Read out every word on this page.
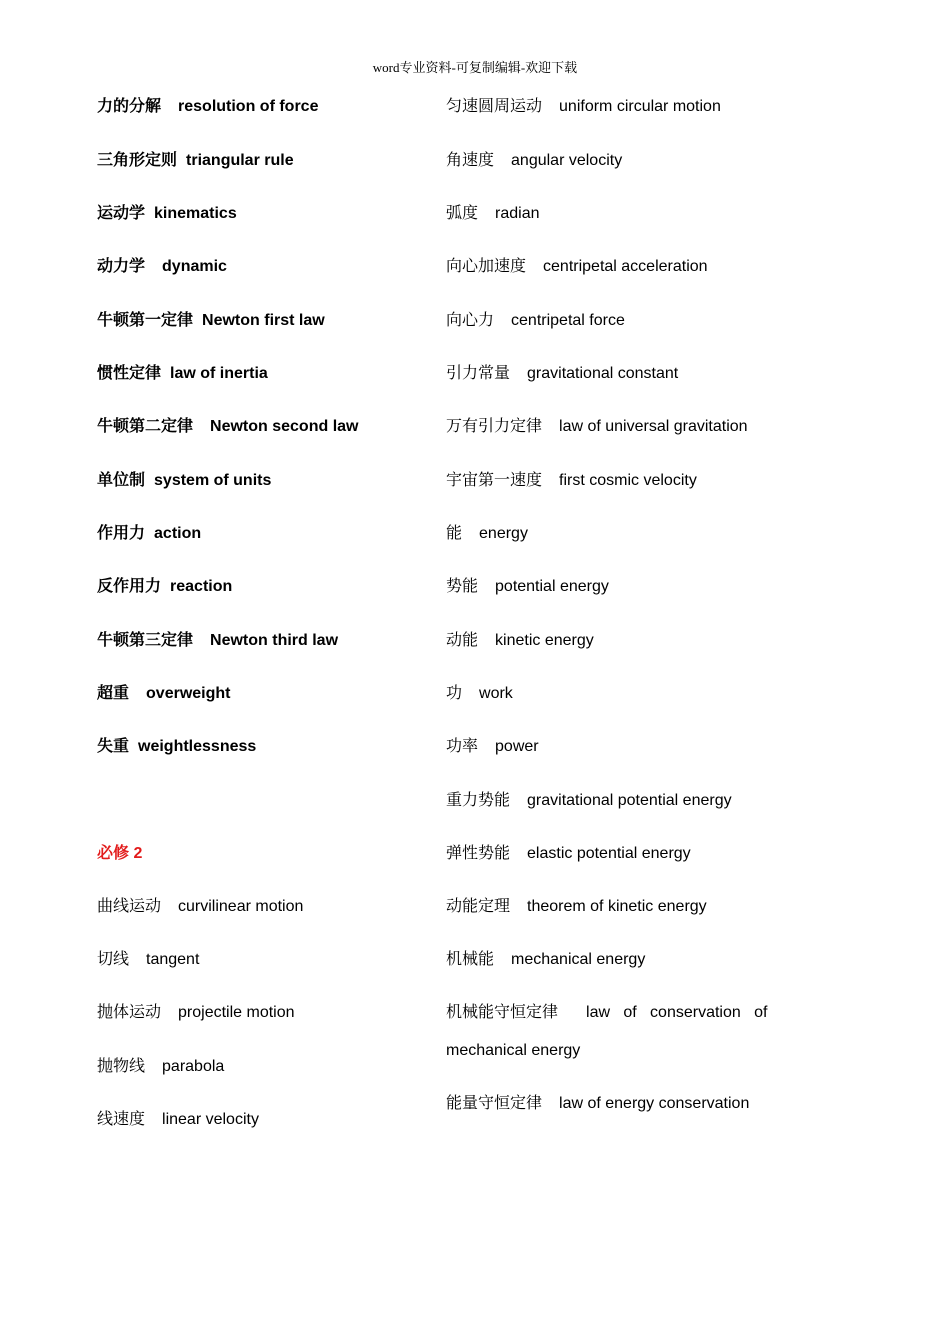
word专业资料-可复制编辑-欢迎下载
力的分解 resolution of force
三角形定则 triangular rule
运动学 kinematics
动力学 dynamic
牛顿第一定律 Newton first law
惯性定律 law of inertia
牛顿第二定律 Newton second law
单位制 system of units
作用力 action
反作用力 reaction
牛顿第三定律 Newton third law
超重 overweight
失重 weightlessness
必修 2
曲线运动 curvilinear motion
切线 tangent
抛体运动 projectile motion
抛物线 parabola
线速度 linear velocity
匀速圆周运动 uniform circular motion
角速度 angular velocity
弧度 radian
向心加速度 centripetal acceleration
向心力 centripetal force
引力常量 gravitational constant
万有引力定律 law of universal gravitation
宇宙第一速度 first cosmic velocity
能 energy
势能 potential energy
动能 kinetic energy
功 work
功率 power
重力势能 gravitational potential energy
弹性势能 elastic potential energy
动能定理 theorem of kinetic energy
机械能 mechanical energy
机械能守恒定律 law   of   conservation   of
mechanical energy
能量守恒定律 law of energy conservation
